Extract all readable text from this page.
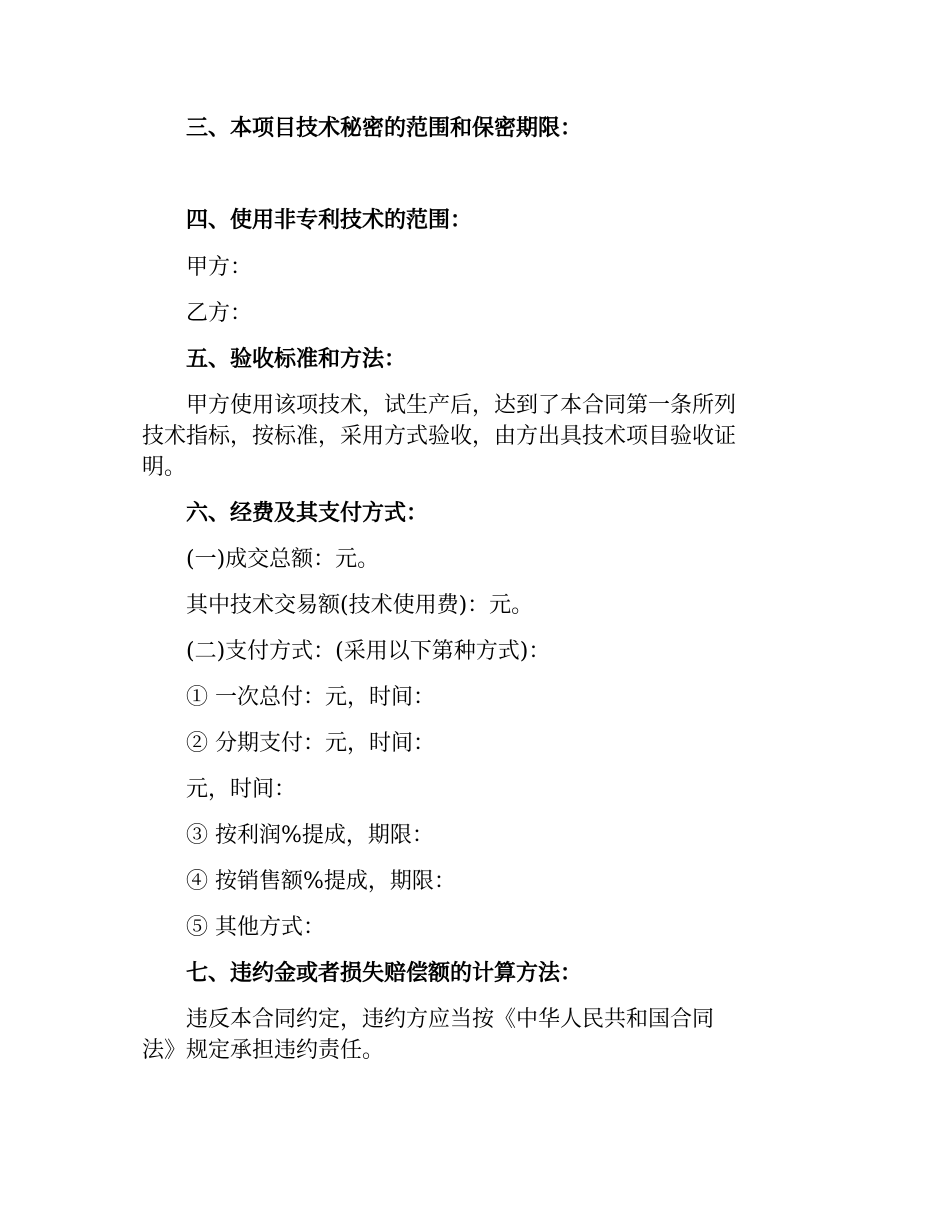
三、本项目技术秘密的范围和保密期限：
四、使用非专利技术的范围：
甲方：
乙方：
五、验收标准和方法：
甲方使用该项技术，试生产后，达到了本合同第一条所列
技术指标，按标准，采用方式验收，由方出具技术项目验收证
明。
六、经费及其支付方式：
(一)成交总额：元。
其中技术交易额(技术使用费)：元。
(二)支付方式：(采用以下第种方式)：
① 一次总付：元，时间：
② 分期支付：元，时间：
元，时间：
③ 按利润%提成，期限：
④ 按销售额%提成，期限：
⑤ 其他方式：
七、违约金或者损失赔偿额的计算方法：
违反本合同约定，违约方应当按《中华人民共和国合同
法》规定承担违约责任。
